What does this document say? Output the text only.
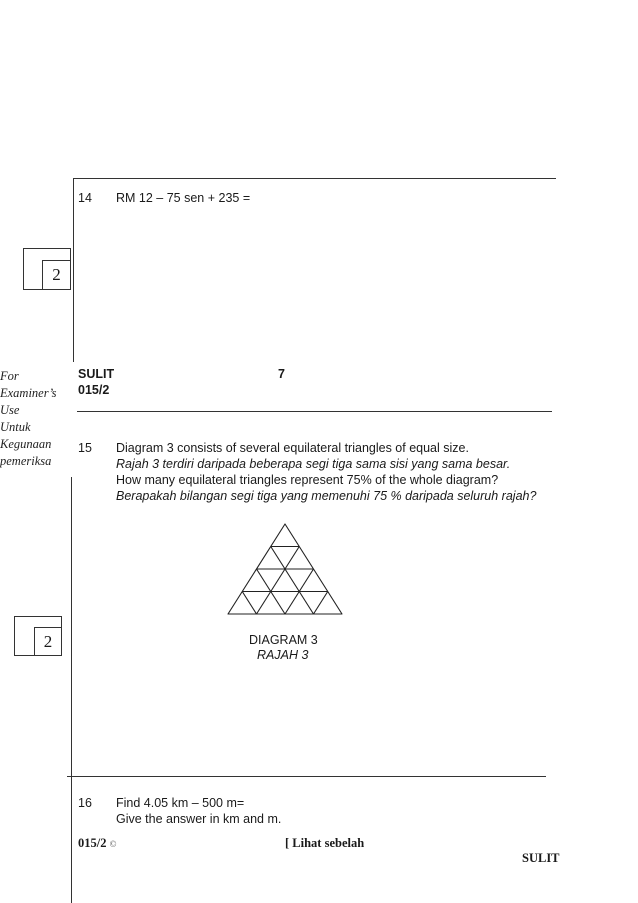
14 RM 12 – 75 sen + 235 =
2
SULIT	7
015/2
For
Examiner’s
Use
Untuk
Kegunaan
pemeriksa
15 Diagram 3 consists of several equilateral triangles of equal size.
Rajah 3 terdiri daripada beberapa segi tiga sama sisi yang sama besar.
How many equilateral triangles represent 75% of the whole diagram?
Berapakah bilangan segi tiga yang memenuhi 75 % daripada seluruh rajah?
DIAGRAM 3
RAJAH 3
2
16 Find 4.05 km – 500 m=
Give the answer in km and m.
015/2 ©	[ Lihat sebelah
SULIT
